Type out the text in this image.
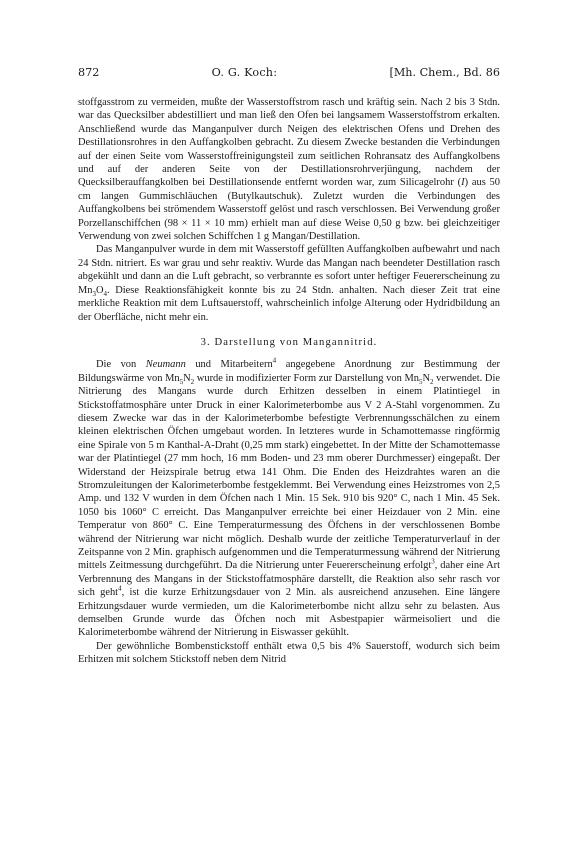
872	O. G. Koch:	[Mh. Chem., Bd. 86

stoffgasstrom zu vermeiden, mußte der Wasserstoffstrom rasch und kräftig sein. Nach 2 bis 3 Stdn. war das Quecksilber abdestilliert und man ließ den Ofen bei langsamem Wasserstoffstrom erkalten. Anschließend wurde das Manganpulver durch Neigen des elektrischen Ofens und Drehen des Destillationsrohres in den Auffangkolben gebracht. Zu diesem Zwecke bestanden die Verbindungen auf der einen Seite vom Wasserstoffreinigungsteil zum seitlichen Rohransatz des Auffangkolbens und auf der anderen Seite von der Destillationsrohrverjüngung, nachdem der Quecksilberauffangkolben bei Destillationsende entfernt worden war, zum Silicagelrohr (I) aus 50 cm langen Gummischläuchen (Butylkautschuk). Zuletzt wurden die Verbindungen des Auffangkolbens bei strömendem Wasserstoff gelöst und rasch verschlossen. Bei Verwendung großer Porzellanschiffchen (98 × 11 × 10 mm) erhielt man auf diese Weise 0,50 g bzw. bei gleichzeitiger Verwendung von zwei solchen Schiffchen 1 g Mangan/Destillation.

Das Manganpulver wurde in dem mit Wasserstoff gefüllten Auffangkolben aufbewahrt und nach 24 Stdn. nitriert. Es war grau und sehr reaktiv. Wurde das Mangan nach beendeter Destillation rasch abgekühlt und dann an die Luft gebracht, so verbrannte es sofort unter heftiger Feuererscheinung zu $Mn_3O_4$. Diese Reaktionsfähigkeit konnte bis zu 24 Stdn. anhalten. Nach dieser Zeit trat eine merkliche Reaktion mit dem Luftsauerstoff, wahrscheinlich infolge Alterung oder Hydridbildung an der Oberfläche, nicht mehr ein.

3. Darstellung von Mangannitrid.

Die von Neumann und Mitarbeitern$^4$ angegebene Anordnung zur Bestimmung der Bildungswärme von $Mn_5N_2$ wurde in modifizierter Form zur Darstellung von $Mn_5N_2$ verwendet. Die Nitrierung des Mangans wurde durch Erhitzen desselben in einem Platintiegel in Stickstoffatmosphäre unter Druck in einer Kalorimeterbombe aus V 2 A-Stahl vorgenommen. Zu diesem Zwecke war das in der Kalorimeterbombe befestigte Verbrennungsschälchen zu einem kleinen elektrischen Öfchen umgebaut worden. In letzteres wurde in Schamottemasse ringförmig eine Spirale von 5 m Kanthal-A-Draht (0,25 mm stark) eingebettet. In der Mitte der Schamottemasse war der Platintiegel (27 mm hoch, 16 mm Boden- und 23 mm oberer Durchmesser) eingepaßt. Der Widerstand der Heizspirale betrug etwa 141 Ohm. Die Enden des Heizdrahtes waren an die Stromzuleitungen der Kalorimeterbombe festgeklemmt. Bei Verwendung eines Heizstromes von 2,5 Amp. und 132 V wurden in dem Öfchen nach 1 Min. 15 Sek. 910 bis 920° C, nach 1 Min. 45 Sek. 1050 bis 1060° C erreicht. Das Manganpulver erreichte bei einer Heizdauer von 2 Min. eine Temperatur von 860° C. Eine Temperaturmessung des Öfchens in der verschlossenen Bombe während der Nitrierung war nicht möglich. Deshalb wurde der zeitliche Temperaturverlauf in der Zeitspanne von 2 Min. graphisch aufgenommen und die Temperaturmessung während der Nitrierung mittels Zeitmessung durchgeführt. Da die Nitrierung unter Feuererscheinung erfolgt$^3$, daher eine Art Verbrennung des Mangans in der Stickstoffatmosphäre darstellt, die Reaktion also sehr rasch vor sich geht$^4$, ist die kurze Erhitzungsdauer von 2 Min. als ausreichend anzusehen. Eine längere Erhitzungsdauer wurde vermieden, um die Kalorimeterbombe nicht allzu sehr zu belasten. Aus demselben Grunde wurde das Öfchen noch mit Asbestpapier wärmeisoliert und die Kalorimeterbombe während der Nitrierung in Eiswasser gekühlt.

Der gewöhnliche Bombenstickstoff enthält etwa 0,5 bis 4% Sauerstoff, wodurch sich beim Erhitzen mit solchem Stickstoff neben dem Nitrid
